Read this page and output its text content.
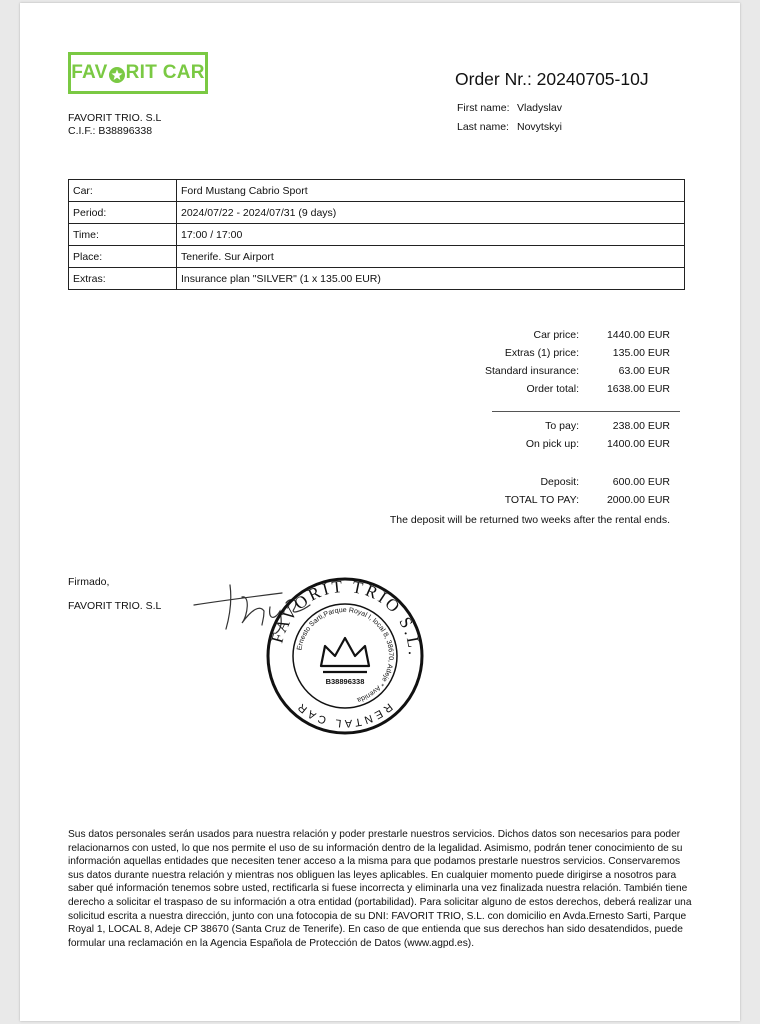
FAV RIT CAR
FAVORIT TRIO. S.L
C.I.F.: B38896338
Order Nr.: 20240705-10J
First name: Vladyslav
Last name: Novytskyi
Car:	Ford Mustang Cabrio Sport
Period:	2024/07/22 - 2024/07/31 (9 days)
Time:	17:00 / 17:00
Place:	Tenerife. Sur Airport
Extras:	Insurance plan "SILVER" (1 x 135.00 EUR)
Car price:	1440.00 EUR
Extras (1) price:	135.00 EUR
Standard insurance:	63.00 EUR
Order total:	1638.00 EUR
To pay:	238.00 EUR
On pick up:	1400.00 EUR
Deposit:	600.00 EUR
TOTAL TO PAY:	2000.00 EUR
The deposit will be returned two weeks after the rental ends.
Firmado,
FAVORIT TRIO. S.L
FAVORIT TRIO S.L.
RENTAL CAR
Ernesto Sarti,Parque Royal I, local 8, 38670, Adeje * Avenida
B38896338
Sus datos personales serán usados para nuestra relación y poder prestarle nuestros servicios. Dichos datos son necesarios para poder relacionarnos con usted, lo que nos permite el uso de su información dentro de la legalidad. Asimismo, podrán tener conocimiento de su información aquellas entidades que necesiten tener acceso a la misma para que podamos prestarle nuestros servicios. Conservaremos sus datos durante nuestra relación y mientras nos obliguen las leyes aplicables. En cualquier momento puede dirigirse a nosotros para saber qué información tenemos sobre usted, rectificarla si fuese incorrecta y eliminarla una vez finalizada nuestra relación. También tiene derecho a solicitar el traspaso de su información a otra entidad (portabilidad). Para solicitar alguno de estos derechos, deberá realizar una solicitud escrita a nuestra dirección, junto con una fotocopia de su DNI: FAVORIT TRIO, S.L. con domicilio en Avda.Ernesto Sarti, Parque Royal 1, LOCAL 8, Adeje CP 38670 (Santa Cruz de Tenerife). En caso de que entienda que sus derechos han sido desatendidos, puede formular una reclamación en la Agencia Española de Protección de Datos (www.agpd.es).
